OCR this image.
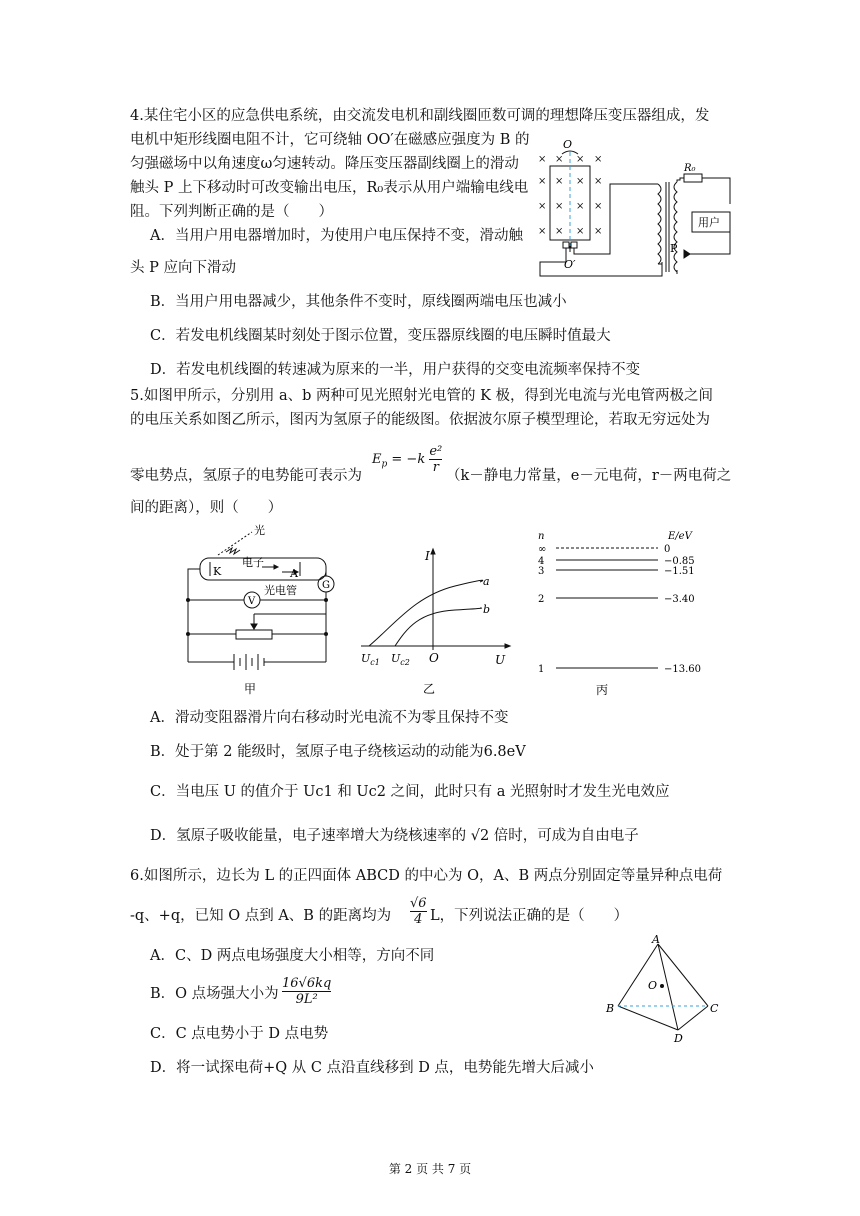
4.某住宅小区的应急供电系统，由交流发电机和副线圈匝数可调的理想降压变压器组成，发
电机中矩形线圈电阻不计，它可绕轴 OO′在磁感应强度为 B 的
匀强磁场中以角速度ω匀速转动。降压变压器副线圈上的滑动
触头 P 上下移动时可改变输出电压，R₀表示从用户端输电线电
阻。下列判断正确的是（　　）
A．当用户用电器增加时，为使用户电压保持不变，滑动触
头 P 应向下滑动
B．当用户用电器减少，其他条件不变时，原线圈两端电压也减小
C．若发电机线圈某时刻处于图示位置，变压器原线圈的电压瞬时值最大
D．若发电机线圈的转速减为原来的一半，用户获得的交变电流频率保持不变
× × × ×
× × × ×
× × × ×
× × × ×
O
O′
R₀
用户
P
5.如图甲所示，分别用 a、b 两种可见光照射光电管的 K 极，得到光电流与光电管两极之间
的电压关系如图乙所示，图丙为氢原子的能级图。依据波尔原子模型理论，若取无穷远处为
零电势点，氢原子的电势能可表示为
$E_p = -k \frac{\text{e²}}{r}$
（k－静电力常量，e－元电荷，r－两电荷之
间的距离），则（　　）
光
电子
K	A
光电管
V
G
甲
I
U
O
$U_{c1}$ $U_{c2}$
a
b
乙
n	E/eV
∞	0
4	−0.85
3	−1.51
2	−3.40
1	−13.60
丙
A．滑动变阻器滑片向右移动时光电流不为零且保持不变
B．处于第 2 能级时，氢原子电子绕核运动的动能为6.8eV
C．当电压 U 的值介于 Uc1 和 Uc2 之间，此时只有 a 光照射时才发生光电效应
D．氢原子吸收能量，电子速率增大为绕核速率的 √2 倍时，可成为自由电子
6.如图所示，边长为 L 的正四面体 ABCD 的中心为 O，A、B 两点分别固定等量异种点电荷
-q、+q，已知 O 点到 A、B 的距离均为 $\frac{√6}{4}$ L，下列说法正确的是（　　）
A．C、D 两点电场强度大小相等，方向不同
B．O 点场强大小为 $\frac{16√6kq}{\text{9L²}}$
C．C 点电势小于 D 点电势
D．将一试探电荷+Q 从 C 点沿直线移到 D 点，电势能先增大后减小
A
B	C
D
O
第 2 页 共 7 页
